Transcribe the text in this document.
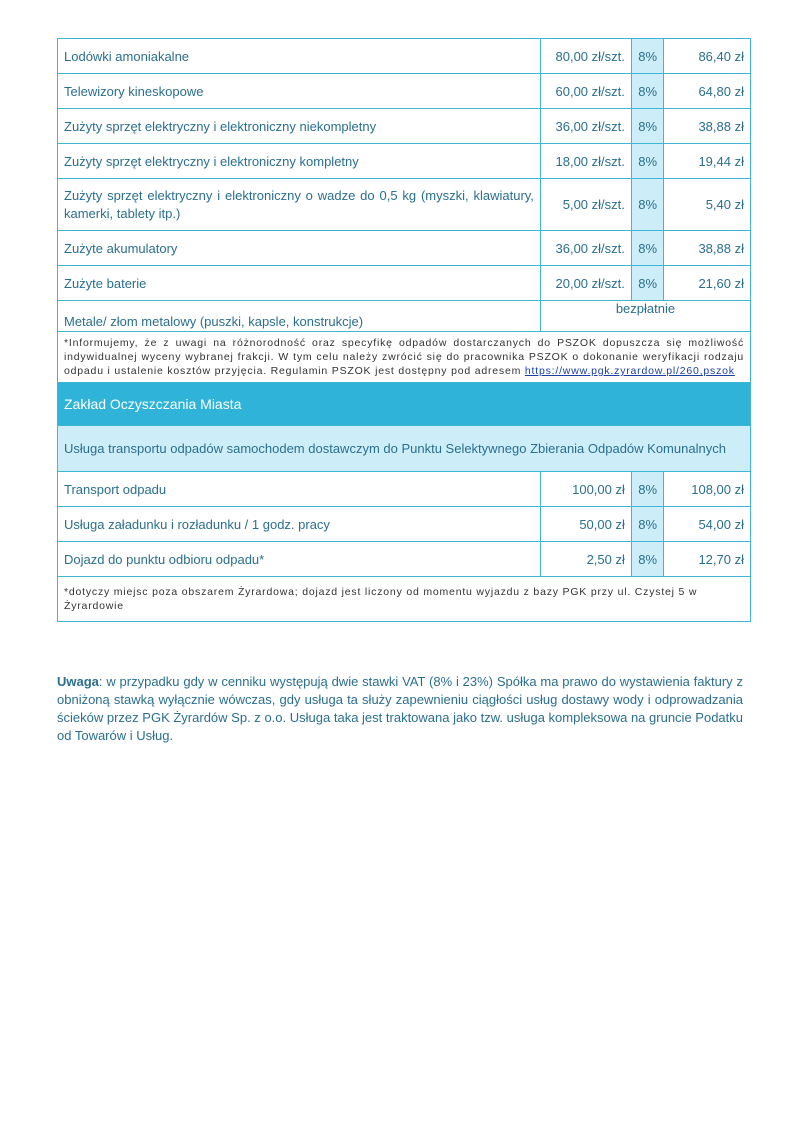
Lodówki amoniakalne	80,00 zł/szt.	8%	86,40 zł
Telewizory kineskopowe	60,00 zł/szt.	8%	64,80 zł
Zużyty sprzęt elektryczny i elektroniczny niekompletny	36,00 zł/szt.	8%	38,88 zł
Zużyty sprzęt elektryczny i elektroniczny kompletny	18,00 zł/szt.	8%	19,44 zł
Zużyty sprzęt elektryczny i elektroniczny o wadze do 0,5 kg (myszki, klawiatury, kamerki, tablety itp.)	5,00 zł/szt.	8%	5,40 zł
Zużyte akumulatory	36,00 zł/szt.	8%	38,88 zł
Zużyte baterie	20,00 zł/szt.	8%	21,60 zł
Metale/ złom metalowy (puszki, kapsle, konstrukcje)	bezpłatnie		
*Informujemy, że z uwagi na różnorodność oraz specyfikę odpadów dostarczanych do PSZOK dopuszcza się możliwość indywidualnej wyceny wybranej frakcji. W tym celu należy zwrócić się do pracownika PSZOK o dokonanie weryfikacji rodzaju odpadu i ustalenie kosztów przyjęcia. Regulamin PSZOK jest dostępny pod adresem https://www.pgk.zyrardow.pl/260,pszok			
Zakład Oczyszczania Miasta			
Usługa transportu odpadów samochodem dostawczym do Punktu Selektywnego Zbierania Odpadów Komunalnych			
Transport odpadu	100,00 zł	8%	108,00 zł
Usługa załadunku i rozładunku / 1 godz. pracy	50,00 zł	8%	54,00 zł
Dojazd do punktu odbioru odpadu*	2,50 zł	8%	12,70 zł
*dotyczy miejsc poza obszarem Żyrardowa; dojazd jest liczony od momentu wyjazdu z bazy PGK przy ul. Czystej 5 w Żyrardowie			
Uwaga: w przypadku gdy w cenniku występują dwie stawki VAT (8% i 23%) Spółka ma prawo do wystawienia faktury z obniżoną stawką wyłącznie wówczas, gdy usługa ta służy zapewnieniu ciągłości usług dostawy wody i odprowadzania ścieków przez PGK Żyrardów Sp. z o.o. Usługa taka jest traktowana jako tzw. usługa kompleksowa na gruncie Podatku od Towarów i Usług.
